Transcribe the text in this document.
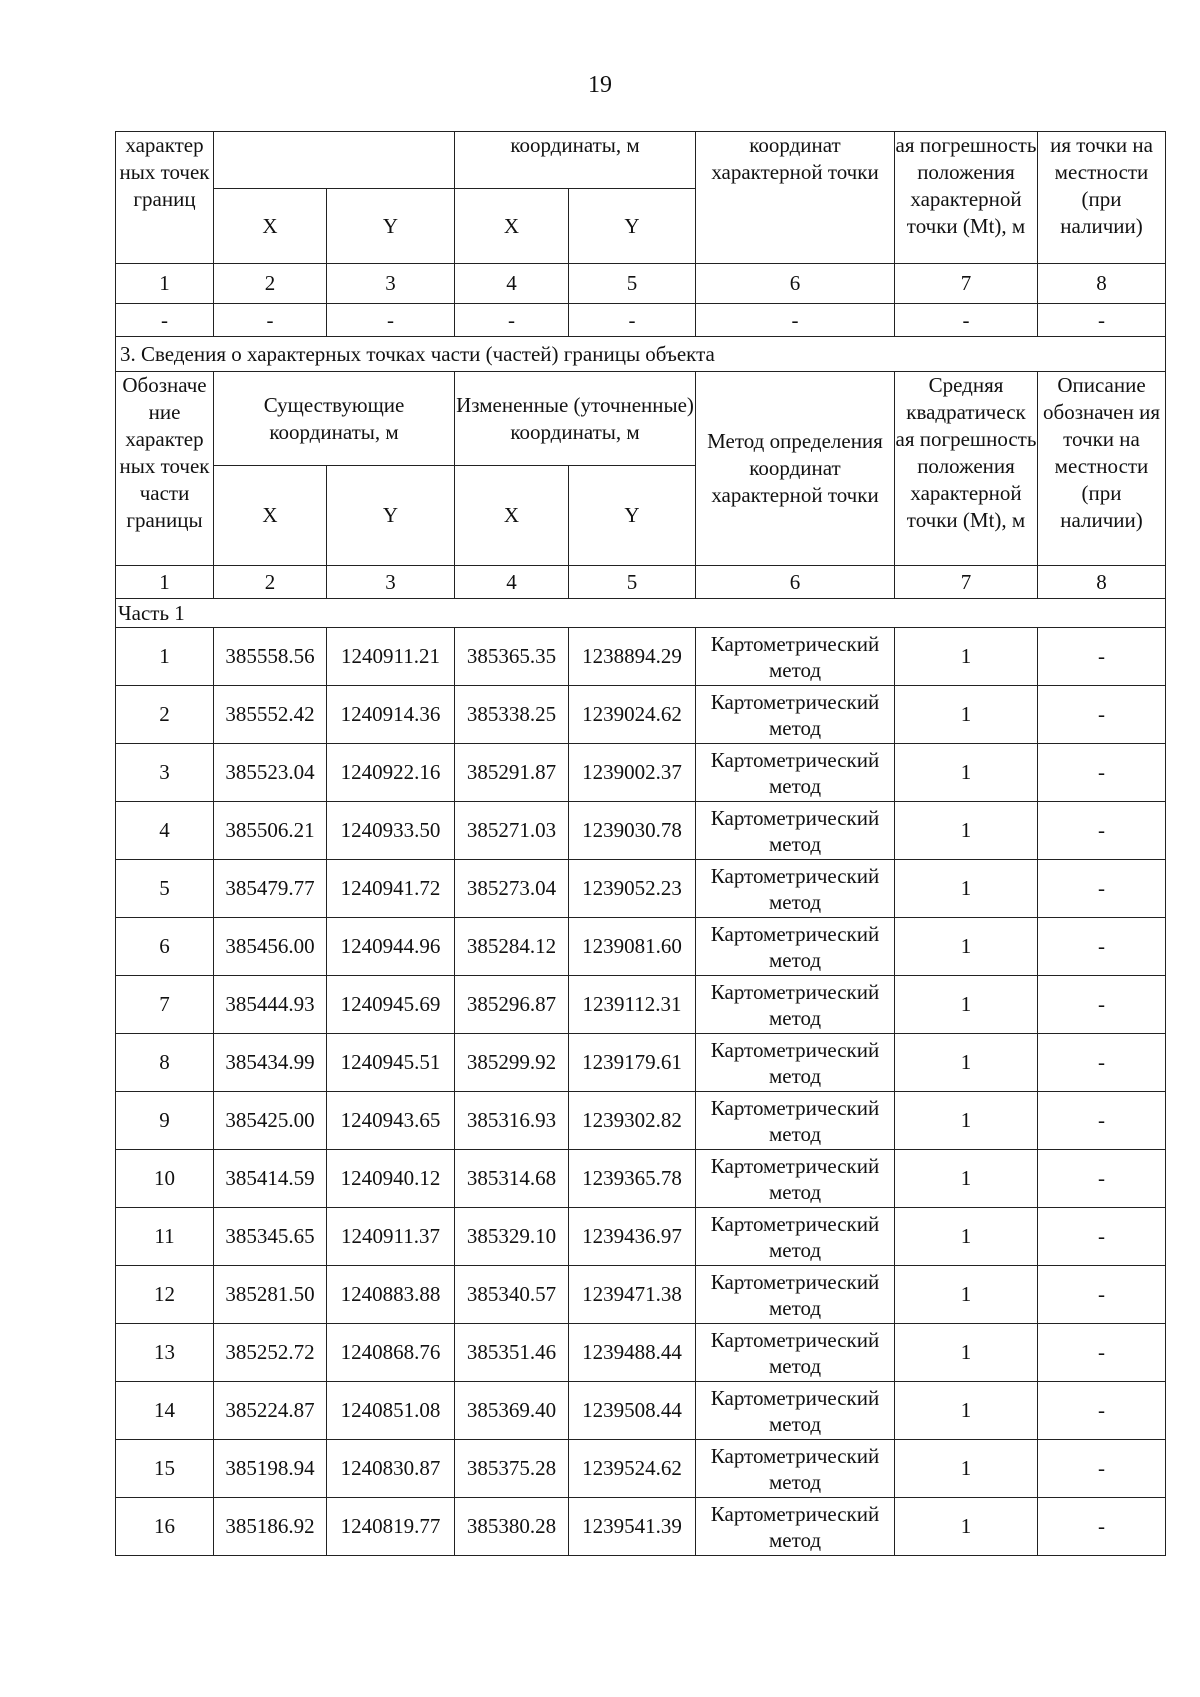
19
характер ных точек границ			координаты, м		координат характерной точки	ая погрешность положения характерной точки (Mt), м	ия точки на местности (при наличии)
	X	Y	X	Y			
1	2	3	4	5	6	7	8
-	-	-	-	-	-	-	-
3. Сведения о характерных точках части (частей) границы объекта							
Обозначе ние характер ных точек части границы	Существующие координаты, м		Измененные (уточненные) координаты, м		Метод определения координат характерной точки	Средняя квадратическ ая погрешность положения характерной точки (Mt), м	Описание обозначен ия точки на местности (при наличии)
	X	Y	X	Y			
1	2	3	4	5	6	7	8
Часть 1							
1	385558.56	1240911.21	385365.35	1238894.29	Картометрический метод	1	-
2	385552.42	1240914.36	385338.25	1239024.62	Картометрический метод	1	-
3	385523.04	1240922.16	385291.87	1239002.37	Картометрический метод	1	-
4	385506.21	1240933.50	385271.03	1239030.78	Картометрический метод	1	-
5	385479.77	1240941.72	385273.04	1239052.23	Картометрический метод	1	-
6	385456.00	1240944.96	385284.12	1239081.60	Картометрический метод	1	-
7	385444.93	1240945.69	385296.87	1239112.31	Картометрический метод	1	-
8	385434.99	1240945.51	385299.92	1239179.61	Картометрический метод	1	-
9	385425.00	1240943.65	385316.93	1239302.82	Картометрический метод	1	-
10	385414.59	1240940.12	385314.68	1239365.78	Картометрический метод	1	-
11	385345.65	1240911.37	385329.10	1239436.97	Картометрический метод	1	-
12	385281.50	1240883.88	385340.57	1239471.38	Картометрический метод	1	-
13	385252.72	1240868.76	385351.46	1239488.44	Картометрический метод	1	-
14	385224.87	1240851.08	385369.40	1239508.44	Картометрический метод	1	-
15	385198.94	1240830.87	385375.28	1239524.62	Картометрический метод	1	-
16	385186.92	1240819.77	385380.28	1239541.39	Картометрический метод	1	-
